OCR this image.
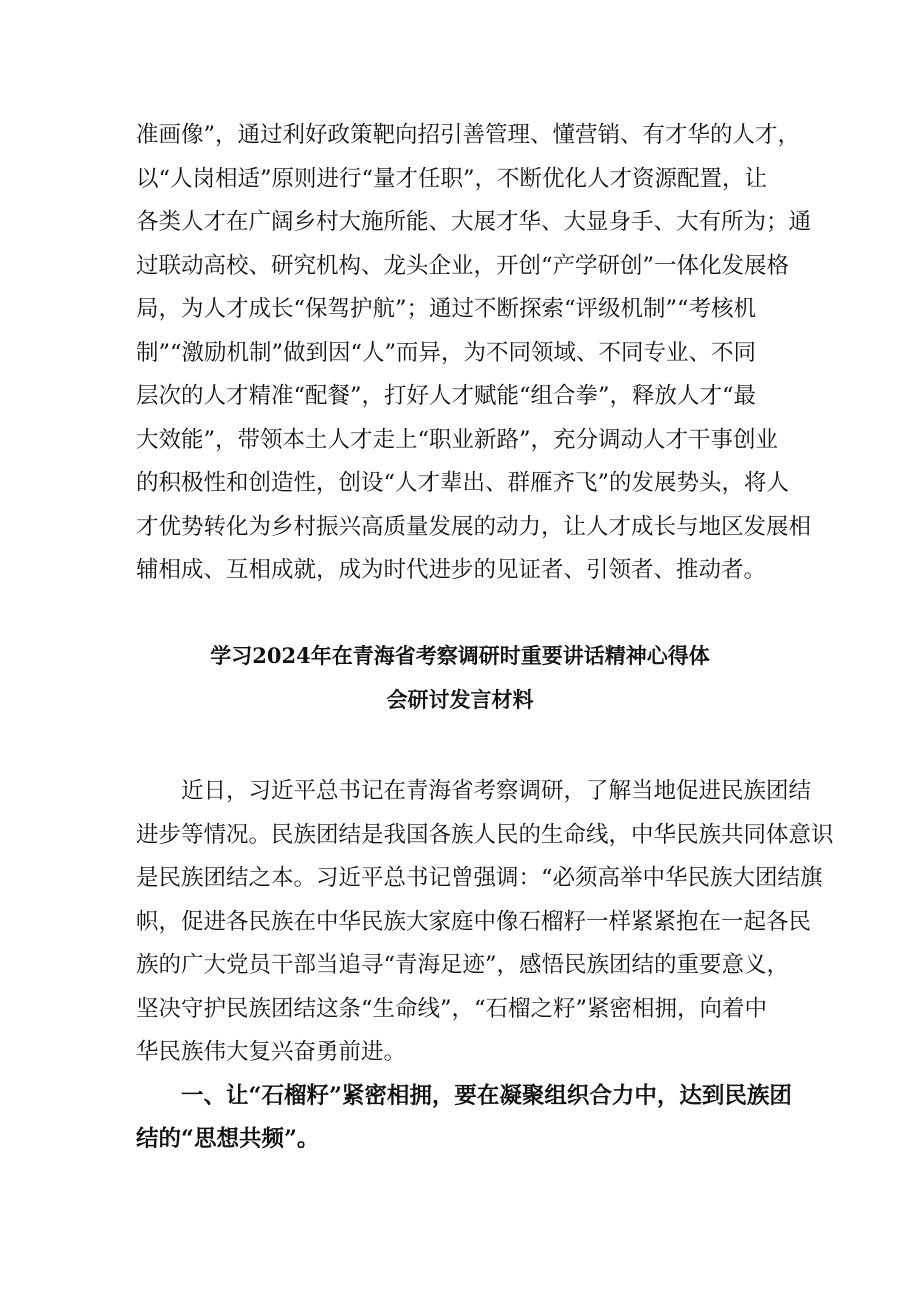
准画像”，通过利好政策靶向招引善管理、懂营销、有才华的人才，
以“人岗相适”原则进行“量才任职”，不断优化人才资源配置，让
各类人才在广阔乡村大施所能、大展才华、大显身手、大有所为；通
过联动高校、研究机构、龙头企业，开创“产学研创”一体化发展格
局，为人才成长“保驾护航”；通过不断探索“评级机制”“考核机
制”“激励机制”做到因“人”而异，为不同领域、不同专业、不同
层次的人才精准“配餐”，打好人才赋能“组合拳”，释放人才“最
大效能”，带领本土人才走上“职业新路”，充分调动人才干事创业
的积极性和创造性，创设“人才辈出、群雁齐飞”的发展势头，将人
才优势转化为乡村振兴高质量发展的动力，让人才成长与地区发展相
辅相成、互相成就，成为时代进步的见证者、引领者、推动者。
学习2024年在青海省考察调研时重要讲话精神心得体
会研讨发言材料
　　近日，习近平总书记在青海省考察调研，了解当地促进民族团结
进步等情况。民族团结是我国各族人民的生命线，中华民族共同体意识
是民族团结之本。习近平总书记曾强调：“必须高举中华民族大团结旗
帜，促进各民族在中华民族大家庭中像石榴籽一样紧紧抱在一起各民
族的广大党员干部当追寻“青海足迹”，感悟民族团结的重要意义，
坚决守护民族团结这条“生命线”，“石榴之籽”紧密相拥，向着中
华民族伟大复兴奋勇前进。
　　一、让“石榴籽”紧密相拥，要在凝聚组织合力中，达到民族团
结的“思想共频”。
